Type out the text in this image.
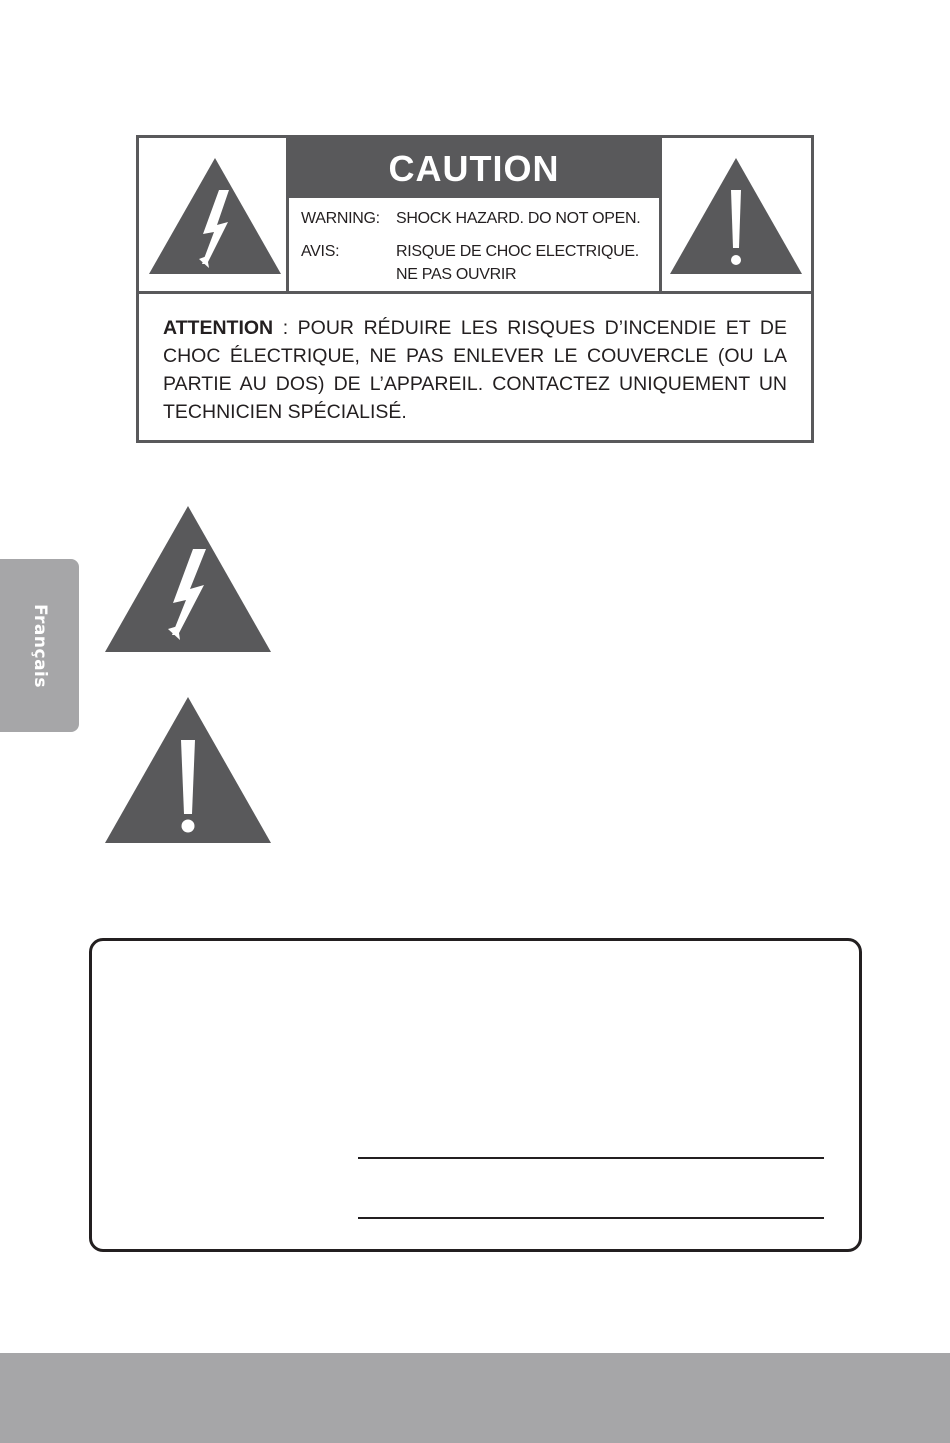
CAUTION
WARNING: SHOCK HAZARD. DO NOT OPEN.
AVIS:	RISQUE DE CHOC ELECTRIQUE.
NE PAS OUVRIR
ATTENTION : POUR RÉDUIRE LES RISQUES D’INCENDIE ET DE CHOC ÉLECTRIQUE, NE PAS ENLEVER LE COUVERCLE (OU LA PARTIE AU DOS) DE L’APPAREIL. CONTACTEZ UNIQUEMENT UN TECHNICIEN SPÉCIALISÉ.
Français
